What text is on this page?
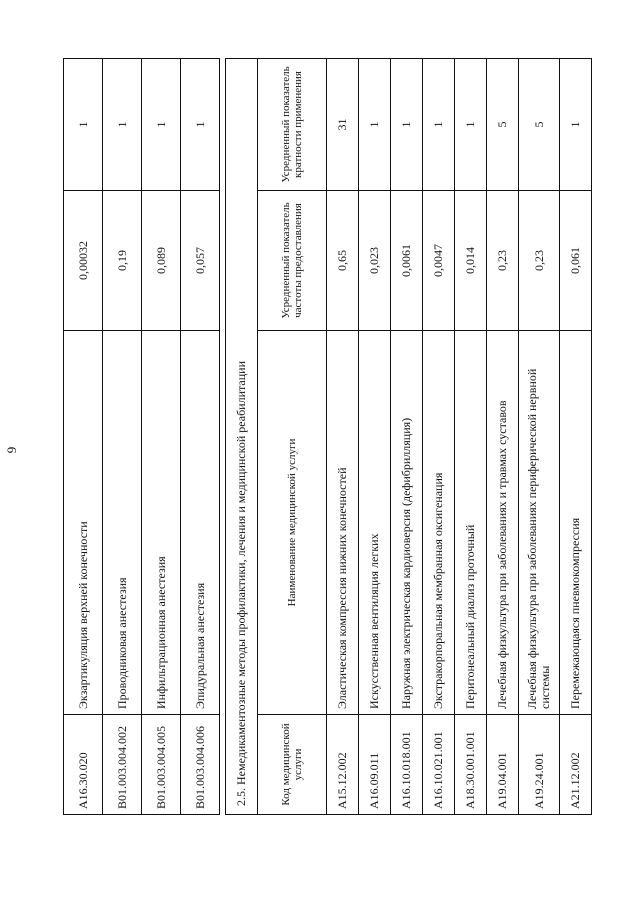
9
A16.30.020	Экзартикуляция верхней конечности	0,00032	1
B01.003.004.002	Проводниковая анестезия	0,19	1
B01.003.004.005	Инфильтрационная анестезия	0,089	1
B01.003.004.006	Эпидуральная анестезия	0,057	1
2.5. Немедикаментозные методы профилактики, лечения и медицинской реабилитации			
Код медицинской услуги	Наименование медицинской услуги	Усредненный показатель частоты предоставления	Усредненный показатель кратности применения
A15.12.002	Эластическая компрессия нижних конечностей	0,65	31
A16.09.011	Искусственная вентиляция легких	0,023	1
A16.10.018.001	Наружная электрическая кардиоверсия (дефибрилляция)	0,0061	1
A16.10.021.001	Экстракорпоральная мембранная оксигенация	0,0047	1
A18.30.001.001	Перитонеальный диализ проточный	0,014	1
A19.04.001	Лечебная физкультура при заболеваниях и травмах суставов	0,23	5
A19.24.001	Лечебная физкультура при заболеваниях периферической нервной системы	0,23	5
A21.12.002	Перемежающаяся пневмокомпрессия	0,061	1
